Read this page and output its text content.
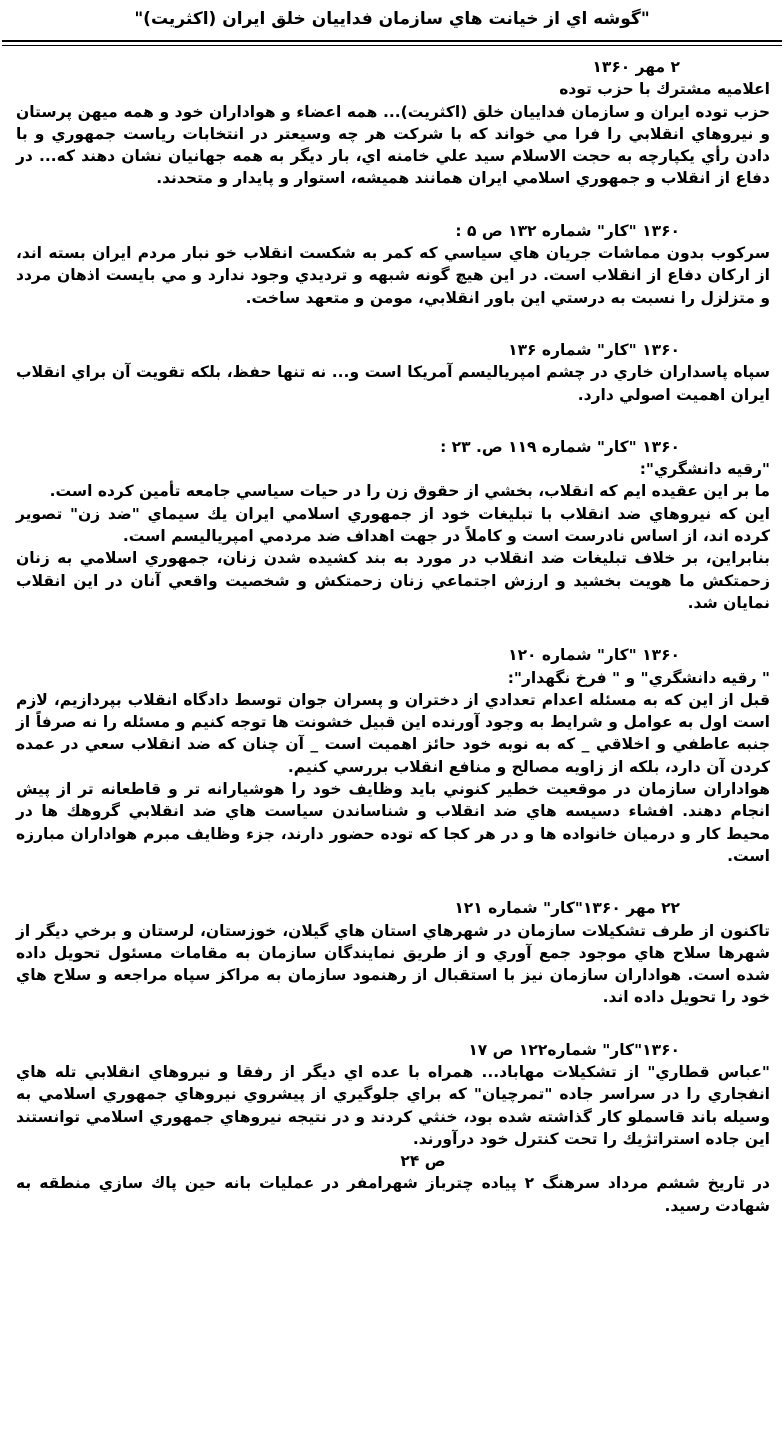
"گوشه اي از خيانت هاي سازمان فداييان خلق ايران (اكثريت)"

۲ مهر ۱۳۶۰

اعلاميه مشترك با حزب توده

حزب توده ايران و سازمان فداييان خلق (اكثريت)... همه اعضاء و هواداران خود و همه ميهن پرستان و نيروهاي انقلابي را فرا مي خواند كه با شركت هر چه وسيعتر در انتخابات رياست جمهوري و با دادن رأي يكپارچه به حجت الاسلام سيد علي خامنه اي، بار ديگر به همه جهانيان نشان دهند كه... در دفاع از انقلاب و جمهوري اسلامي ايران همانند هميشه، استوار و پايدار و متحدند.

۱۳۶۰ "كار" شماره ۱۳۲ ص ۵ :

سركوب بدون مماشات جريان هاي سياسي كه كمر به شكست انقلاب خو نبار مردم ايران بسته اند، از اركان دفاع از انقلاب است. در اين هيچ گونه شبهه و ترديدي وجود ندارد و مي بايست اذهان مردد و متزلزل را نسبت به درستي اين باور انقلابي، مومن و متعهد ساخت.

۱۳۶۰ "كار" شماره ۱۳۶

سپاه پاسداران خاري در چشم امپرياليسم آمريكا است و... نه تنها حفظ، بلكه تقويت آن براي انقلاب ايران اهميت اصولي دارد.

۱۳۶۰ "كار" شماره ۱۱۹ ص. ۲۳ :

"رقيه دانشگري":

ما بر اين عقيده ايم كه انقلاب، بخشي از حقوق زن را در حيات سياسي جامعه تأمين كرده است.

اين كه نيروهاي ضد انقلاب با تبليغات خود از جمهوري اسلامي ايران يك سيماي "ضد زن" تصوير كرده اند، از اساس نادرست است و كاملاً در جهت اهداف ضد مردمي امپرياليسم است.

بنابراين، بر خلاف تبليغات ضد انقلاب در مورد به بند كشيده شدن زنان، جمهوري اسلامي به زنان زحمتكش ما هويت بخشيد و ارزش اجتماعي زنان زحمتكش و شخصيت واقعي آنان در اين انقلاب نمايان شد.

۱۳۶۰ "كار" شماره ۱۲۰

" رقيه دانشگري" و " فرخ نگهدار":

قبل از اين كه به مسئله اعدام تعدادي از دختران و پسران جوان توسط دادگاه انقلاب بپردازيم، لازم است اول به عوامل و شرايط به وجود آورنده اين قبيل خشونت ها توجه كنيم و مسئله را نه صرفاً از جنبه عاطفي و اخلاقي _ كه به نوبه خود حائز اهميت است _ آن چنان كه ضد انقلاب سعي در عمده كردن آن دارد، بلكه از زاويه مصالح و منافع انقلاب بررسي كنيم.

هواداران سازمان در موقعيت خطير كنوني بايد وظايف خود را هوشيارانه تر و قاطعانه تر از پيش انجام دهند. افشاء دسيسه هاي ضد انقلاب و شناساندن سياست هاي ضد انقلابي گروهك ها در محيط كار و درميان خانواده ها و در هر كجا كه توده حضور دارند، جزء وظايف مبرم هواداران مبارزه است.

۲۲ مهر ۱۳۶۰"كار" شماره ۱۲۱

تاكنون از طرف تشكيلات سازمان در شهرهاي استان هاي گيلان، خوزستان، لرستان و برخي ديگر از شهرها سلاح هاي موجود جمع آوري و از طريق نمايندگان سازمان به مقامات مسئول تحويل داده شده است. هواداران سازمان نيز با استقبال از رهنمود سازمان به مراكز سپاه مراجعه و سلاح هاي خود را تحويل داده اند.

۱۳۶۰"كار" شماره۱۲۲ ص ۱۷

"عباس قطاري" از تشكيلات مهاباد... همراه با عده اي ديگر از رفقا و نيروهاي انقلابي تله هاي انفجاري را در سراسر جاده "تمرچيان" كه براي جلوگيري از پيشروي نيروهاي جمهوري اسلامي به وسيله باند قاسملو كار گذاشته شده بود، خنثي كردند و در نتيجه نيروهاي جمهوري اسلامي توانستند اين جاده استراتژيك را تحت كنترل خود درآورند.

ص ۲۴

در تاريخ ششم مرداد سرهنگ ۲ پياده چترباز شهرامفر در عمليات بانه حين پاك سازي منطقه به شهادت رسيد.
